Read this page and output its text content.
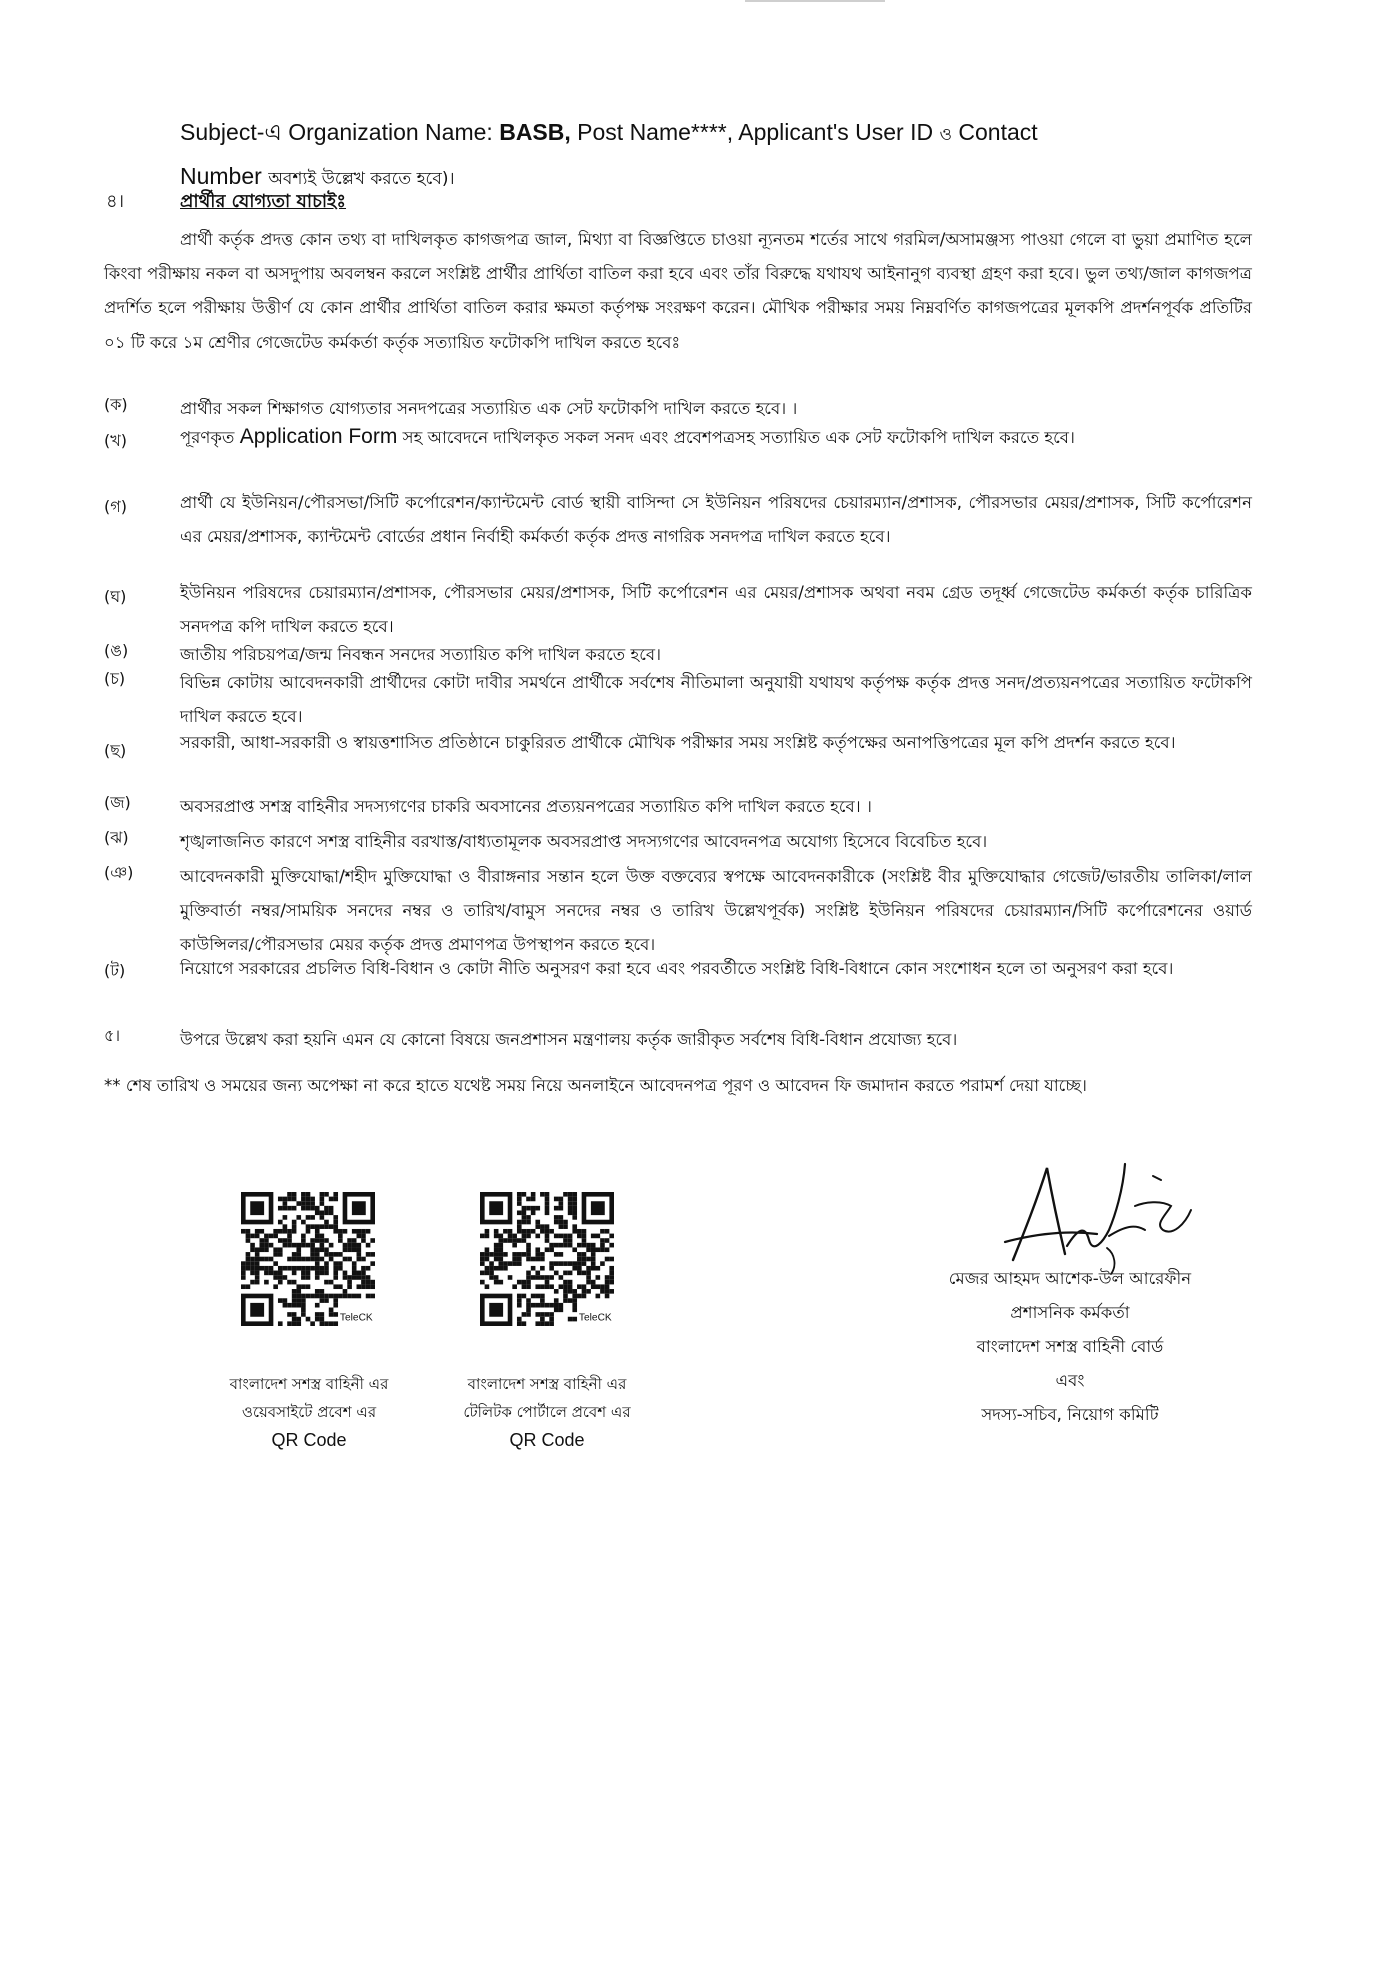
Subject-এ Organization Name: BASB, Post Name****, Applicant's User ID ও Contact
Number অবশ্যই উল্লেখ করতে হবে)।
৪।	প্রার্থীর যোগ্যতা যাচাইঃ
প্রার্থী কর্তৃক প্রদত্ত কোন তথ্য বা দাখিলকৃত কাগজপত্র জাল, মিথ্যা বা বিজ্ঞপ্তিতে চাওয়া ন্যূনতম শর্তের সাথে গরমিল/অসামঞ্জস্য পাওয়া গেলে বা ভুয়া প্রমাণিত হলে কিংবা পরীক্ষায় নকল বা অসদুপায় অবলম্বন করলে সংশ্লিষ্ট প্রার্থীর প্রার্থিতা বাতিল করা হবে এবং তাঁর বিরুদ্ধে যথাযথ আইনানুগ ব্যবস্থা গ্রহণ করা হবে। ভুল তথ্য/জাল কাগজপত্র প্রদর্শিত হলে পরীক্ষায় উত্তীর্ণ যে কোন প্রার্থীর প্রার্থিতা বাতিল করার ক্ষমতা কর্তৃপক্ষ সংরক্ষণ করেন। মৌখিক পরীক্ষার সময় নিম্নবর্ণিত কাগজপত্রের মূলকপি প্রদর্শনপূর্বক প্রতিটির ০১ টি করে ১ম শ্রেণীর গেজেটেড কর্মকর্তা কর্তৃক সত্যায়িত ফটোকপি দাখিল করতে হবেঃ
(ক)	প্রার্থীর সকল শিক্ষাগত যোগ্যতার সনদপত্রের সত্যায়িত এক সেট ফটোকপি দাখিল করতে হবে। ।
(খ)	পূরণকৃত Application Form সহ আবেদনে দাখিলকৃত সকল সনদ এবং প্রবেশপত্রসহ সত্যায়িত এক সেট ফটোকপি দাখিল করতে হবে।
(গ)	প্রার্থী যে ইউনিয়ন/পৌরসভা/সিটি কর্পোরেশন/ক্যান্টমেন্ট বোর্ড স্থায়ী বাসিন্দা সে ইউনিয়ন পরিষদের চেয়ারম্যান/প্রশাসক, পৌরসভার মেয়র/প্রশাসক, সিটি কর্পোরেশন এর মেয়র/প্রশাসক, ক্যান্টমেন্ট বোর্ডের প্রধান নির্বাহী কর্মকর্তা কর্তৃক প্রদত্ত নাগরিক সনদপত্র দাখিল করতে হবে।
(ঘ)	ইউনিয়ন পরিষদের চেয়ারম্যান/প্রশাসক, পৌরসভার মেয়র/প্রশাসক, সিটি কর্পোরেশন এর মেয়র/প্রশাসক অথবা নবম গ্রেড তদূর্ধ্ব গেজেটেড কর্মকর্তা কর্তৃক চারিত্রিক সনদপত্র কপি দাখিল করতে হবে।
(ঙ)	জাতীয় পরিচয়পত্র/জন্ম নিবন্ধন সনদের সত্যায়িত কপি দাখিল করতে হবে।
(চ)	বিভিন্ন কোটায় আবেদনকারী প্রার্থীদের কোটা দাবীর সমর্থনে প্রার্থীকে সর্বশেষ নীতিমালা অনুযায়ী যথাযথ কর্তৃপক্ষ কর্তৃক প্রদত্ত সনদ/প্রত্যয়নপত্রের সত্যায়িত ফটোকপি দাখিল করতে হবে।
(ছ)	সরকারী, আধা-সরকারী ও স্বায়ত্তশাসিত প্রতিষ্ঠানে চাকুরিরত প্রার্থীকে মৌখিক পরীক্ষার সময় সংশ্লিষ্ট কর্তৃপক্ষের অনাপত্তিপত্রের মূল কপি প্রদর্শন করতে হবে।
(জ)	অবসরপ্রাপ্ত সশস্ত্র বাহিনীর সদস্যগণের চাকরি অবসানের প্রত্যয়নপত্রের সত্যায়িত কপি দাখিল করতে হবে। ।
(ঝ)	শৃঙ্খলাজনিত কারণে সশস্ত্র বাহিনীর বরখাস্ত/বাধ্যতামূলক অবসরপ্রাপ্ত সদস্যগণের আবেদনপত্র অযোগ্য হিসেবে বিবেচিত হবে।
(ঞ)	আবেদনকারী মুক্তিযোদ্ধা/শহীদ মুক্তিযোদ্ধা ও বীরাঙ্গনার সন্তান হলে উক্ত বক্তব্যের স্বপক্ষে আবেদনকারীকে (সংশ্লিষ্ট বীর মুক্তিযোদ্ধার গেজেট/ভারতীয় তালিকা/লাল মুক্তিবার্তা নম্বর/সাময়িক সনদের নম্বর ও তারিখ/বামুস সনদের নম্বর ও তারিখ উল্লেখপূর্বক) সংশ্লিষ্ট ইউনিয়ন পরিষদের চেয়ারম্যান/সিটি কর্পোরেশনের ওয়ার্ড কাউন্সিলর/পৌরসভার মেয়র কর্তৃক প্রদত্ত প্রমাণপত্র উপস্থাপন করতে হবে।
(ট)	নিয়োগে সরকারের প্রচলিত বিধি-বিধান ও কোটা নীতি অনুসরণ করা হবে এবং পরবর্তীতে সংশ্লিষ্ট বিধি-বিধানে কোন সংশোধন হলে তা অনুসরণ করা হবে।
৫।	উপরে উল্লেখ করা হয়নি এমন যে কোনো বিষয়ে জনপ্রশাসন মন্ত্রণালয় কর্তৃক জারীকৃত সর্বশেষ বিধি-বিধান প্রযোজ্য হবে।
** শেষ তারিখ ও সময়ের জন্য অপেক্ষা না করে হাতে যথেষ্ট সময় নিয়ে অনলাইনে আবেদনপত্র পূরণ ও আবেদন ফি জমাদান করতে পরামর্শ দেয়া যাচ্ছে।
TeleCK
বাংলাদেশ সশস্ত্র বাহিনী এর
ওয়েবসাইটে প্রবেশ এর
QR Code
TeleCK
বাংলাদেশ সশস্ত্র বাহিনী এর
টেলিটক পোর্টালে প্রবেশ এর
QR Code
মেজর আহমদ আশেক-উল আরেফীন
প্রশাসনিক কর্মকর্তা
বাংলাদেশ সশস্ত্র বাহিনী বোর্ড
এবং
সদস্য-সচিব, নিয়োগ কমিটি
